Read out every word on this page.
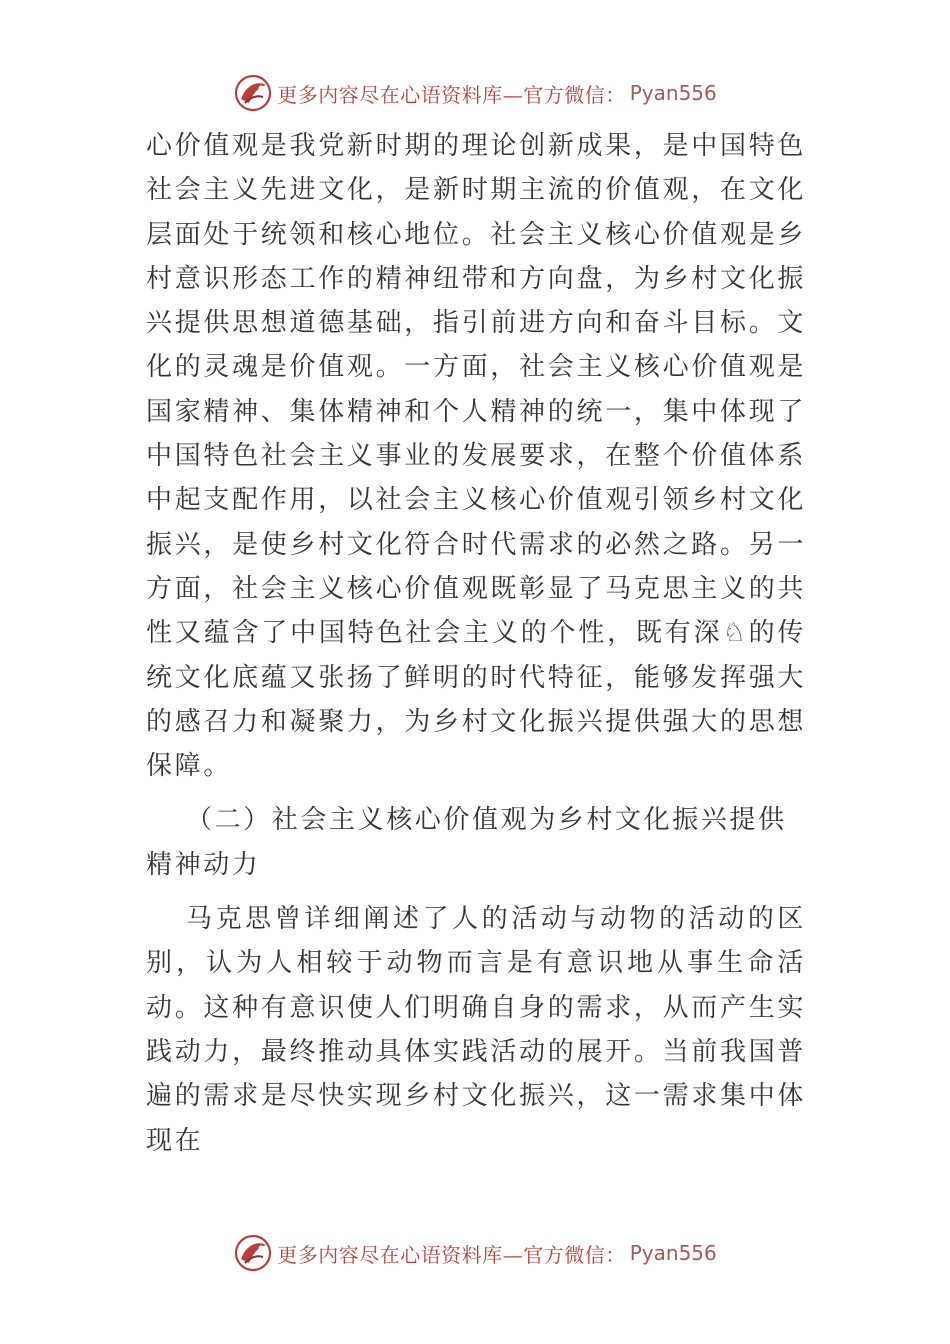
更多内容尽在心语资料库—官方微信： Pyan556

心价值观是我党新时期的理论创新成果，是中国特色社会主义先进文化，是新时期主流的价值观，在文化层面处于统领和核心地位。社会主义核心价值观是乡村意识形态工作的精神纽带和方向盘，为乡村文化振兴提供思想道德基础，指引前进方向和奋斗目标。文化的灵魂是价值观。一方面，社会主义核心价值观是国家精神、集体精神和个人精神的统一，集中体现了中国特色社会主义事业的发展要求，在整个价值体系中起支配作用，以社会主义核心价值观引领乡村文化振兴，是使乡村文化符合时代需求的必然之路。另一方面，社会主义核心价值观既彰显了马克思主义的共性又蕴含了中国特色社会主义的个性，既有深♘的传统文化底蕴又张扬了鲜明的时代特征，能够发挥强大的感召力和凝聚力，为乡村文化振兴提供强大的思想保障。

（二）社会主义核心价值观为乡村文化振兴提供精神动力

马克思曾详细阐述了人的活动与动物的活动的区别，认为人相较于动物而言是有意识地从事生命活动。这种有意识使人们明确自身的需求，从而产生实践动力，最终推动具体实践活动的展开。当前我国普遍的需求是尽快实现乡村文化振兴，这一需求集中体现在

更多内容尽在心语资料库—官方微信： Pyan556
